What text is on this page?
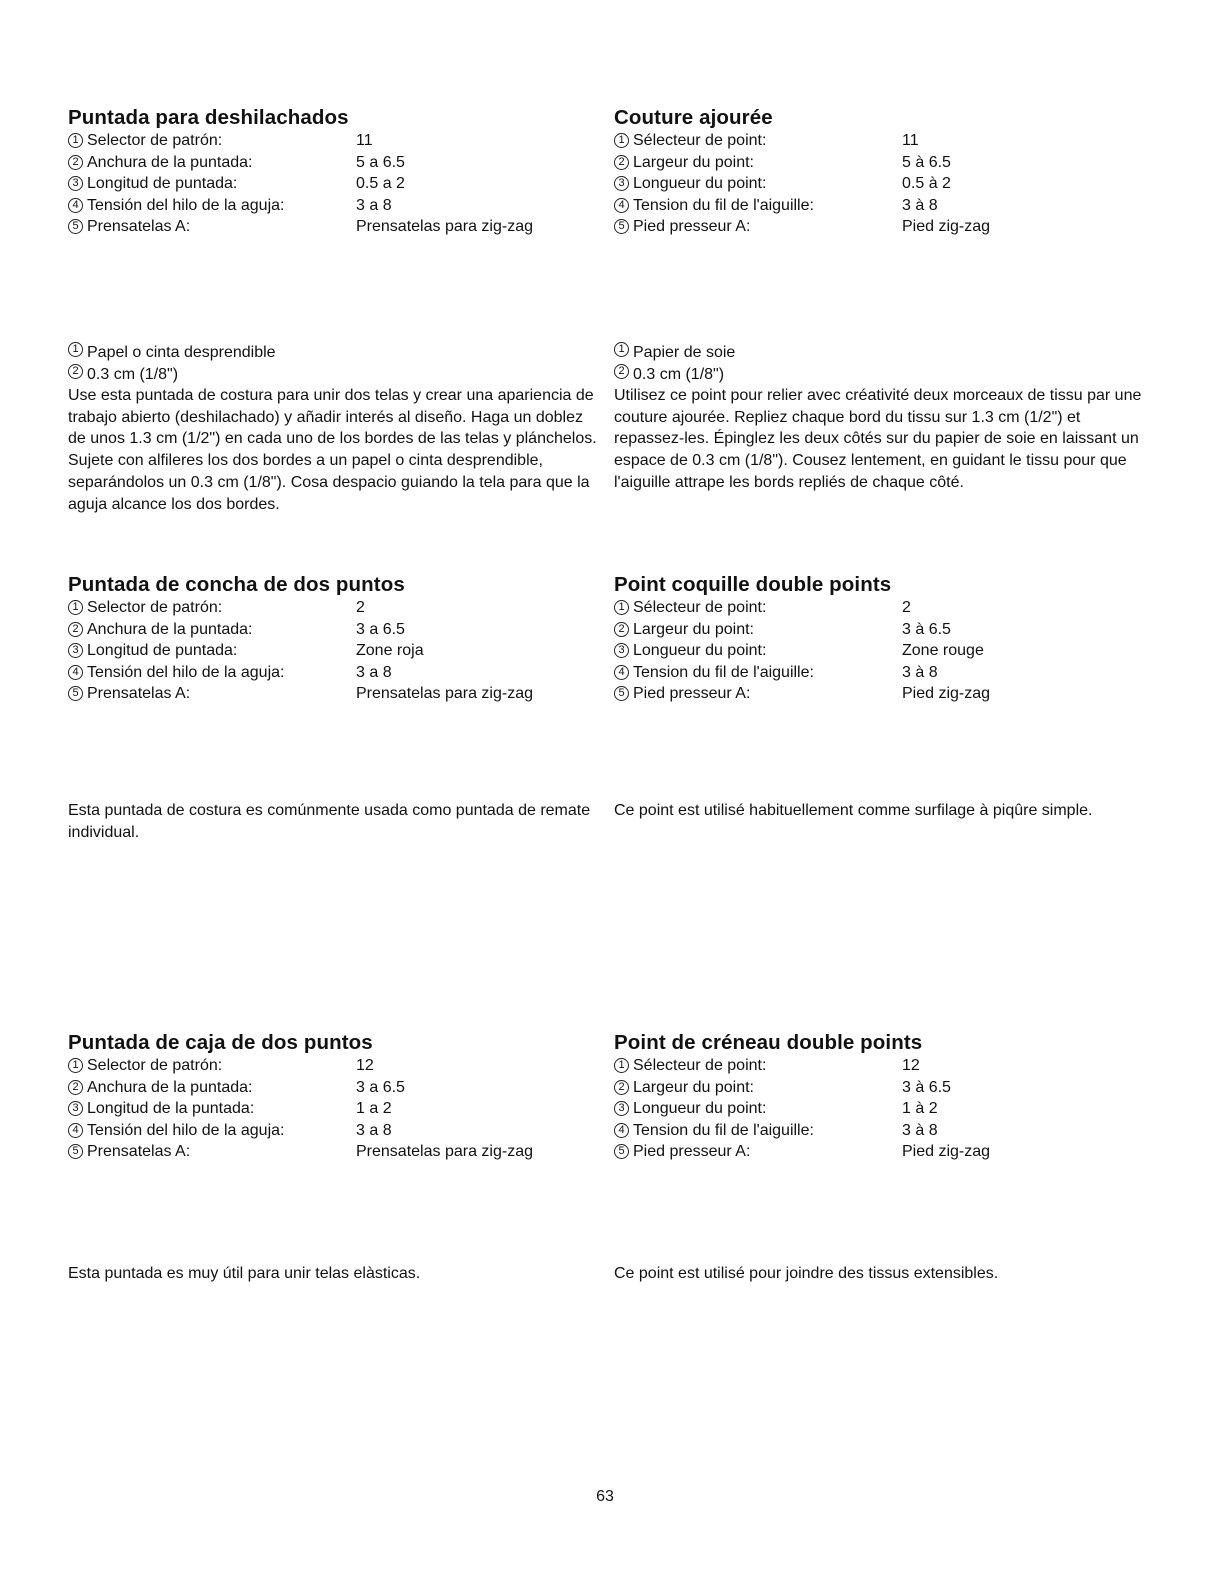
Puntada para deshilachados
1 Selector de patrón:	11
2 Anchura de la puntada:	5 a 6.5
3 Longitud de puntada:	0.5 a 2
4 Tensión del hilo de la aguja:	3 a 8
5 Prensatelas A:	Prensatelas para zig-zag
1 Papel o cinta desprendible
2 0.3 cm (1/8")

Use esta puntada de costura para unir dos telas y crear una apariencia de trabajo abierto (deshilachado) y añadir interés al diseño. Haga un doblez de unos 1.3 cm (1/2") en cada uno de los bordes de las telas y plánchelos. Sujete con alfileres los dos bordes a un papel o cinta desprendible, separándolos un 0.3 cm (1/8"). Cosa despacio guiando la tela para que la aguja alcance los dos bordes.

Couture ajourée
1 Sélecteur de point:	11
2 Largeur du point:	5 à 6.5
3 Longueur du point:	0.5 à 2
4 Tension du fil de l'aiguille:	3 à 8
5 Pied presseur A:	Pied zig-zag
1 Papier de soie
2 0.3 cm (1/8")

Utilisez ce point pour relier avec créativité deux morceaux de tissu par une couture ajourée. Repliez chaque bord du tissu sur 1.3 cm (1/2") et repassez-les. Épinglez les deux côtés sur du papier de soie en laissant un espace de 0.3 cm (1/8"). Cousez lentement, en guidant le tissu pour que l'aiguille attrape les bords repliés de chaque côté.

Puntada de concha de dos puntos
1 Selector de patrón:	2
2 Anchura de la puntada:	3 a 6.5
3 Longitud de puntada:	Zone roja
4 Tensión del hilo de la aguja:	3 a 8
5 Prensatelas A:	Prensatelas para zig-zag

Esta puntada de costura es comúnmente usada como puntada de remate individual.

Point coquille double points
1 Sélecteur de point:	2
2 Largeur du point:	3 à 6.5
3 Longueur du point:	Zone rouge
4 Tension du fil de l'aiguille:	3 à 8
5 Pied presseur A:	Pied zig-zag

Ce point est utilisé habituellement comme surfilage à piqûre simple.

Puntada de caja de dos puntos
1 Selector de patrón:	12
2 Anchura de la puntada:	3 a 6.5
3 Longitud de la puntada:	1 a 2
4 Tensión del hilo de la aguja:	3 a 8
5 Prensatelas A:	Prensatelas para zig-zag

Esta puntada es muy útil para unir telas elàsticas.

Point de créneau double points
1 Sélecteur de point:	12
2 Largeur du point:	3 à 6.5
3 Longueur du point:	1 à 2
4 Tension du fil de l'aiguille:	3 à 8
5 Pied presseur A:	Pied zig-zag

Ce point est utilisé pour joindre des tissus extensibles.

63
